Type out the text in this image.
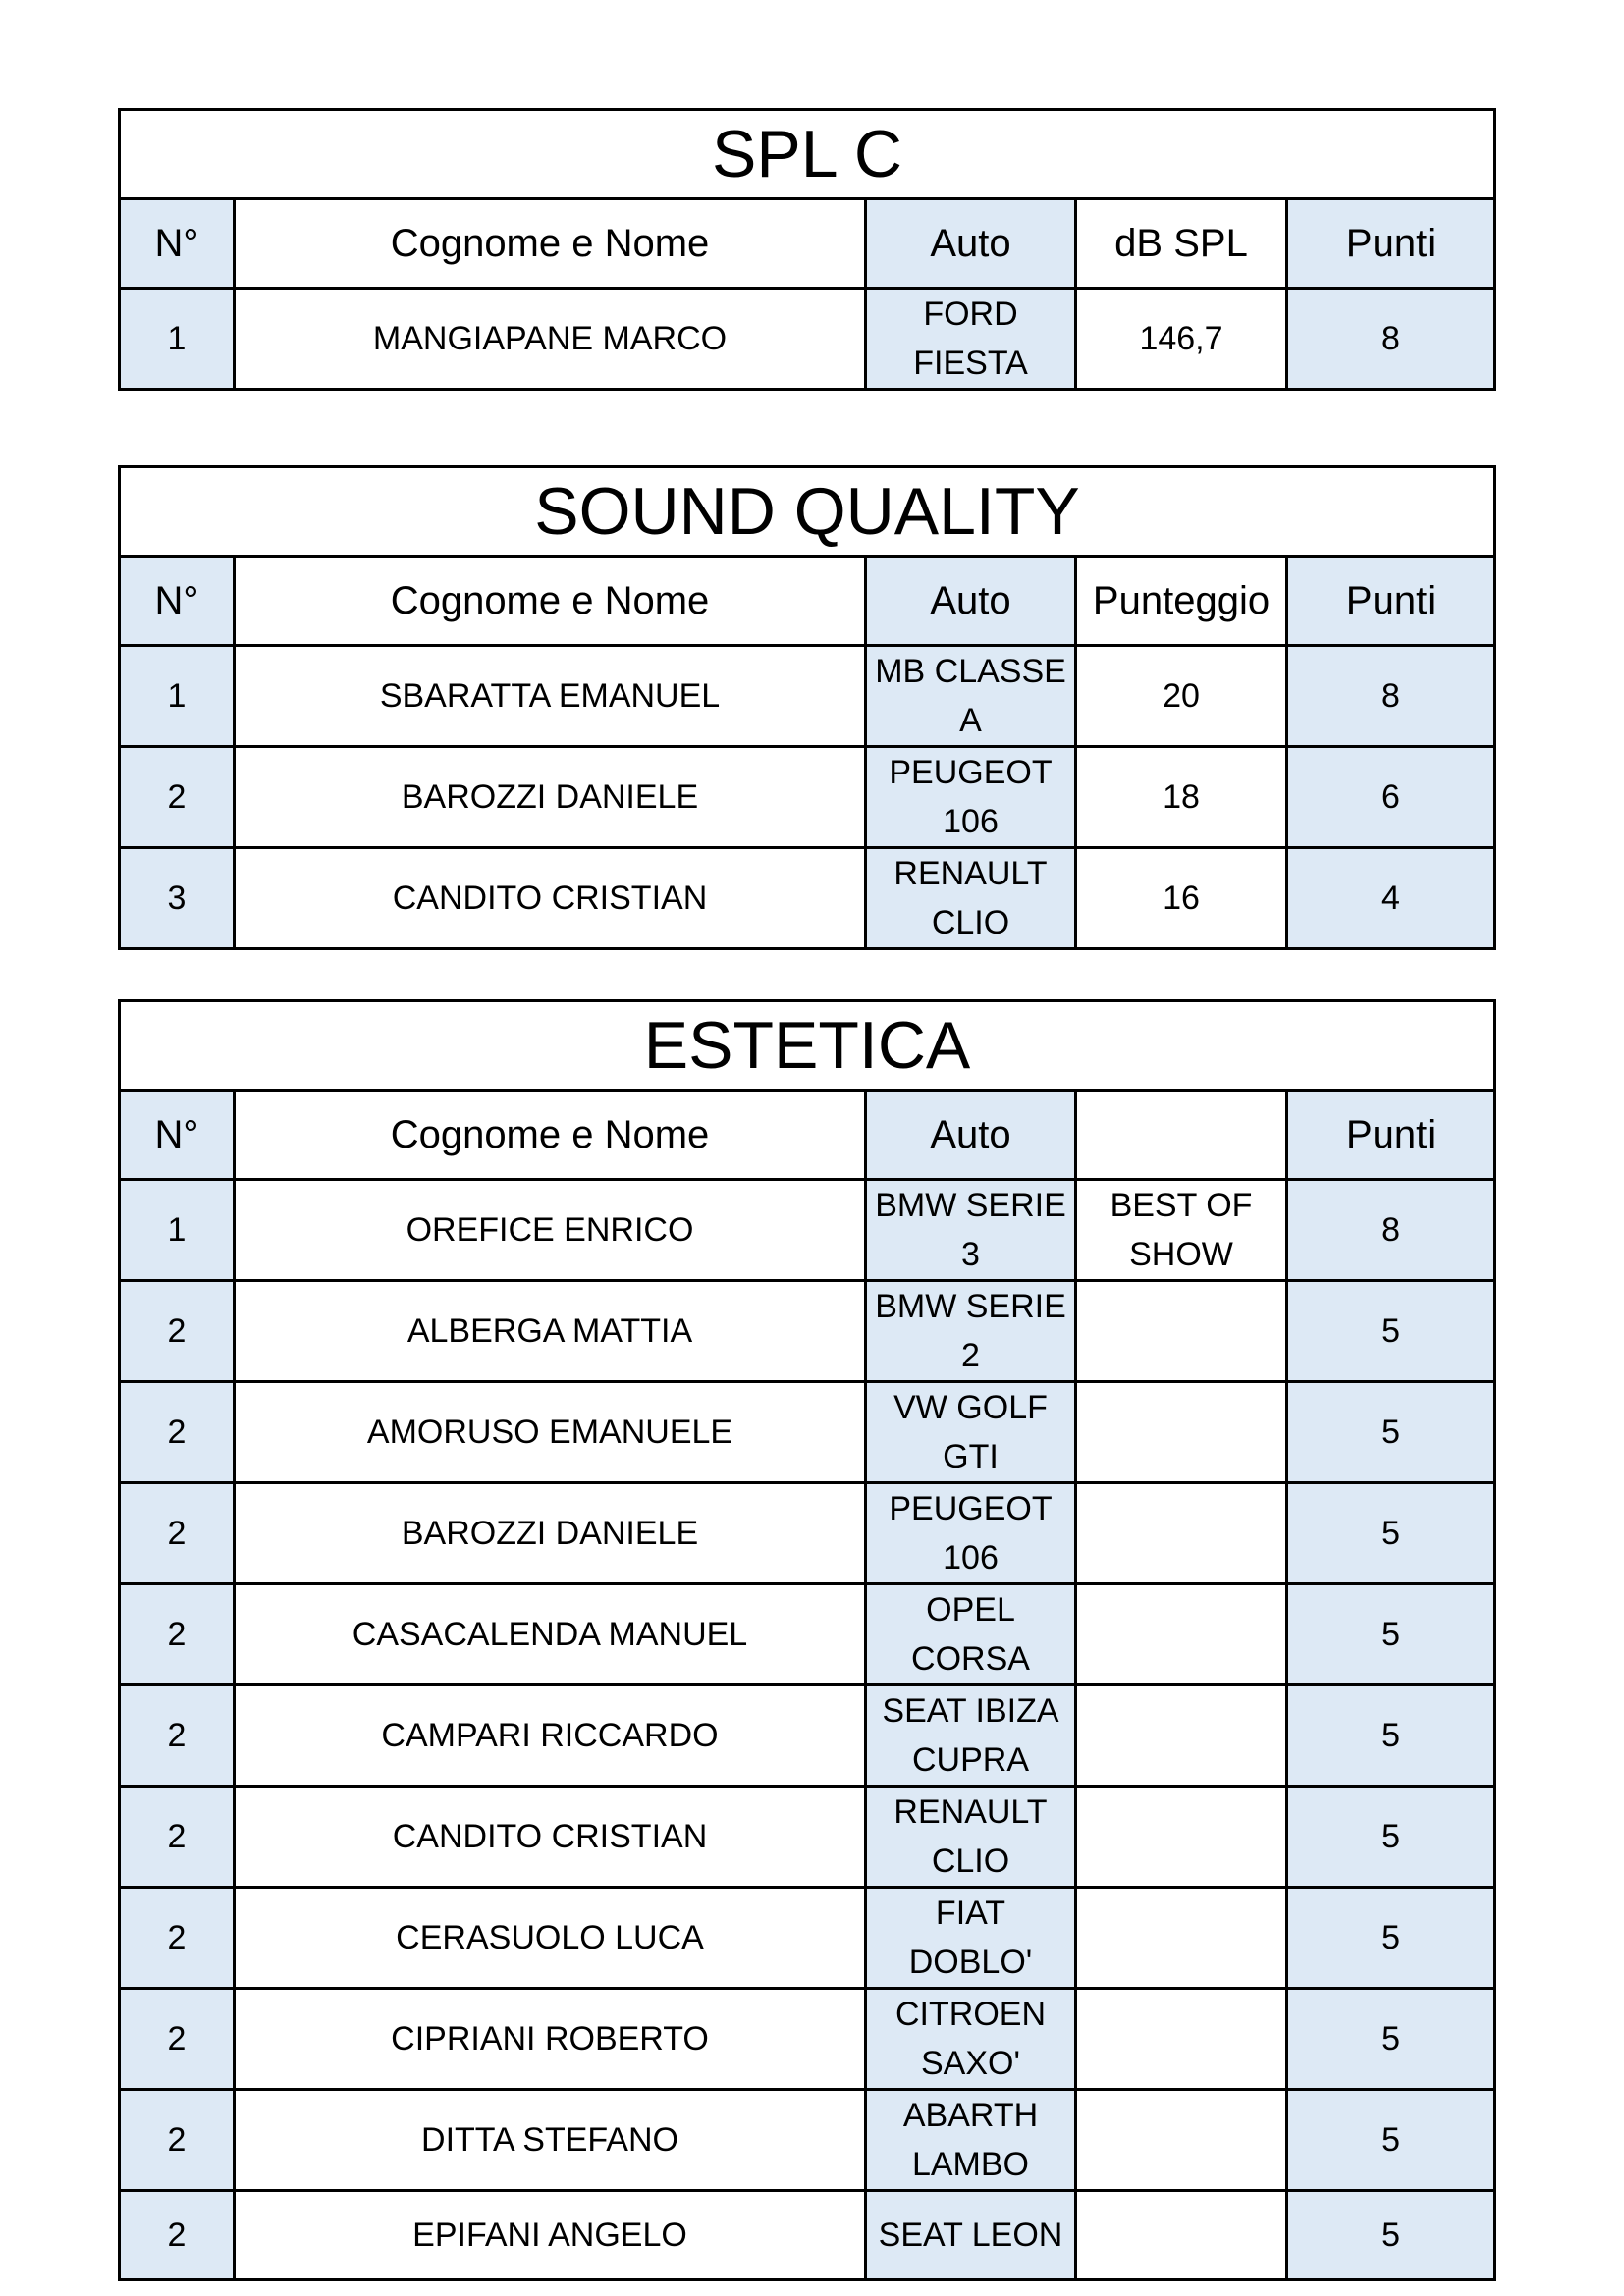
SPL C				
N°	Cognome e Nome	Auto	dB SPL	Punti
1	MANGIAPANE MARCO	FORD FIESTA	146,7	8
SOUND QUALITY				
N°	Cognome e Nome	Auto	Punteggio	Punti
1	SBARATTA EMANUEL	MB CLASSE A	20	8
2	BAROZZI DANIELE	PEUGEOT 106	18	6
3	CANDITO CRISTIAN	RENAULT CLIO	16	4
ESTETICA				
N°	Cognome e Nome	Auto		Punti
1	OREFICE ENRICO	BMW SERIE 3	BEST OF SHOW	8
2	ALBERGA MATTIA	BMW SERIE 2		5
2	AMORUSO EMANUELE	VW GOLF GTI		5
2	BAROZZI DANIELE	PEUGEOT 106		5
2	CASACALENDA MANUEL	OPEL CORSA		5
2	CAMPARI RICCARDO	SEAT IBIZA CUPRA		5
2	CANDITO CRISTIAN	RENAULT CLIO		5
2	CERASUOLO LUCA	FIAT DOBLO'		5
2	CIPRIANI ROBERTO	CITROEN SAXO'		5
2	DITTA STEFANO	ABARTH LAMBO		5
2	EPIFANI ANGELO	SEAT LEON		5
